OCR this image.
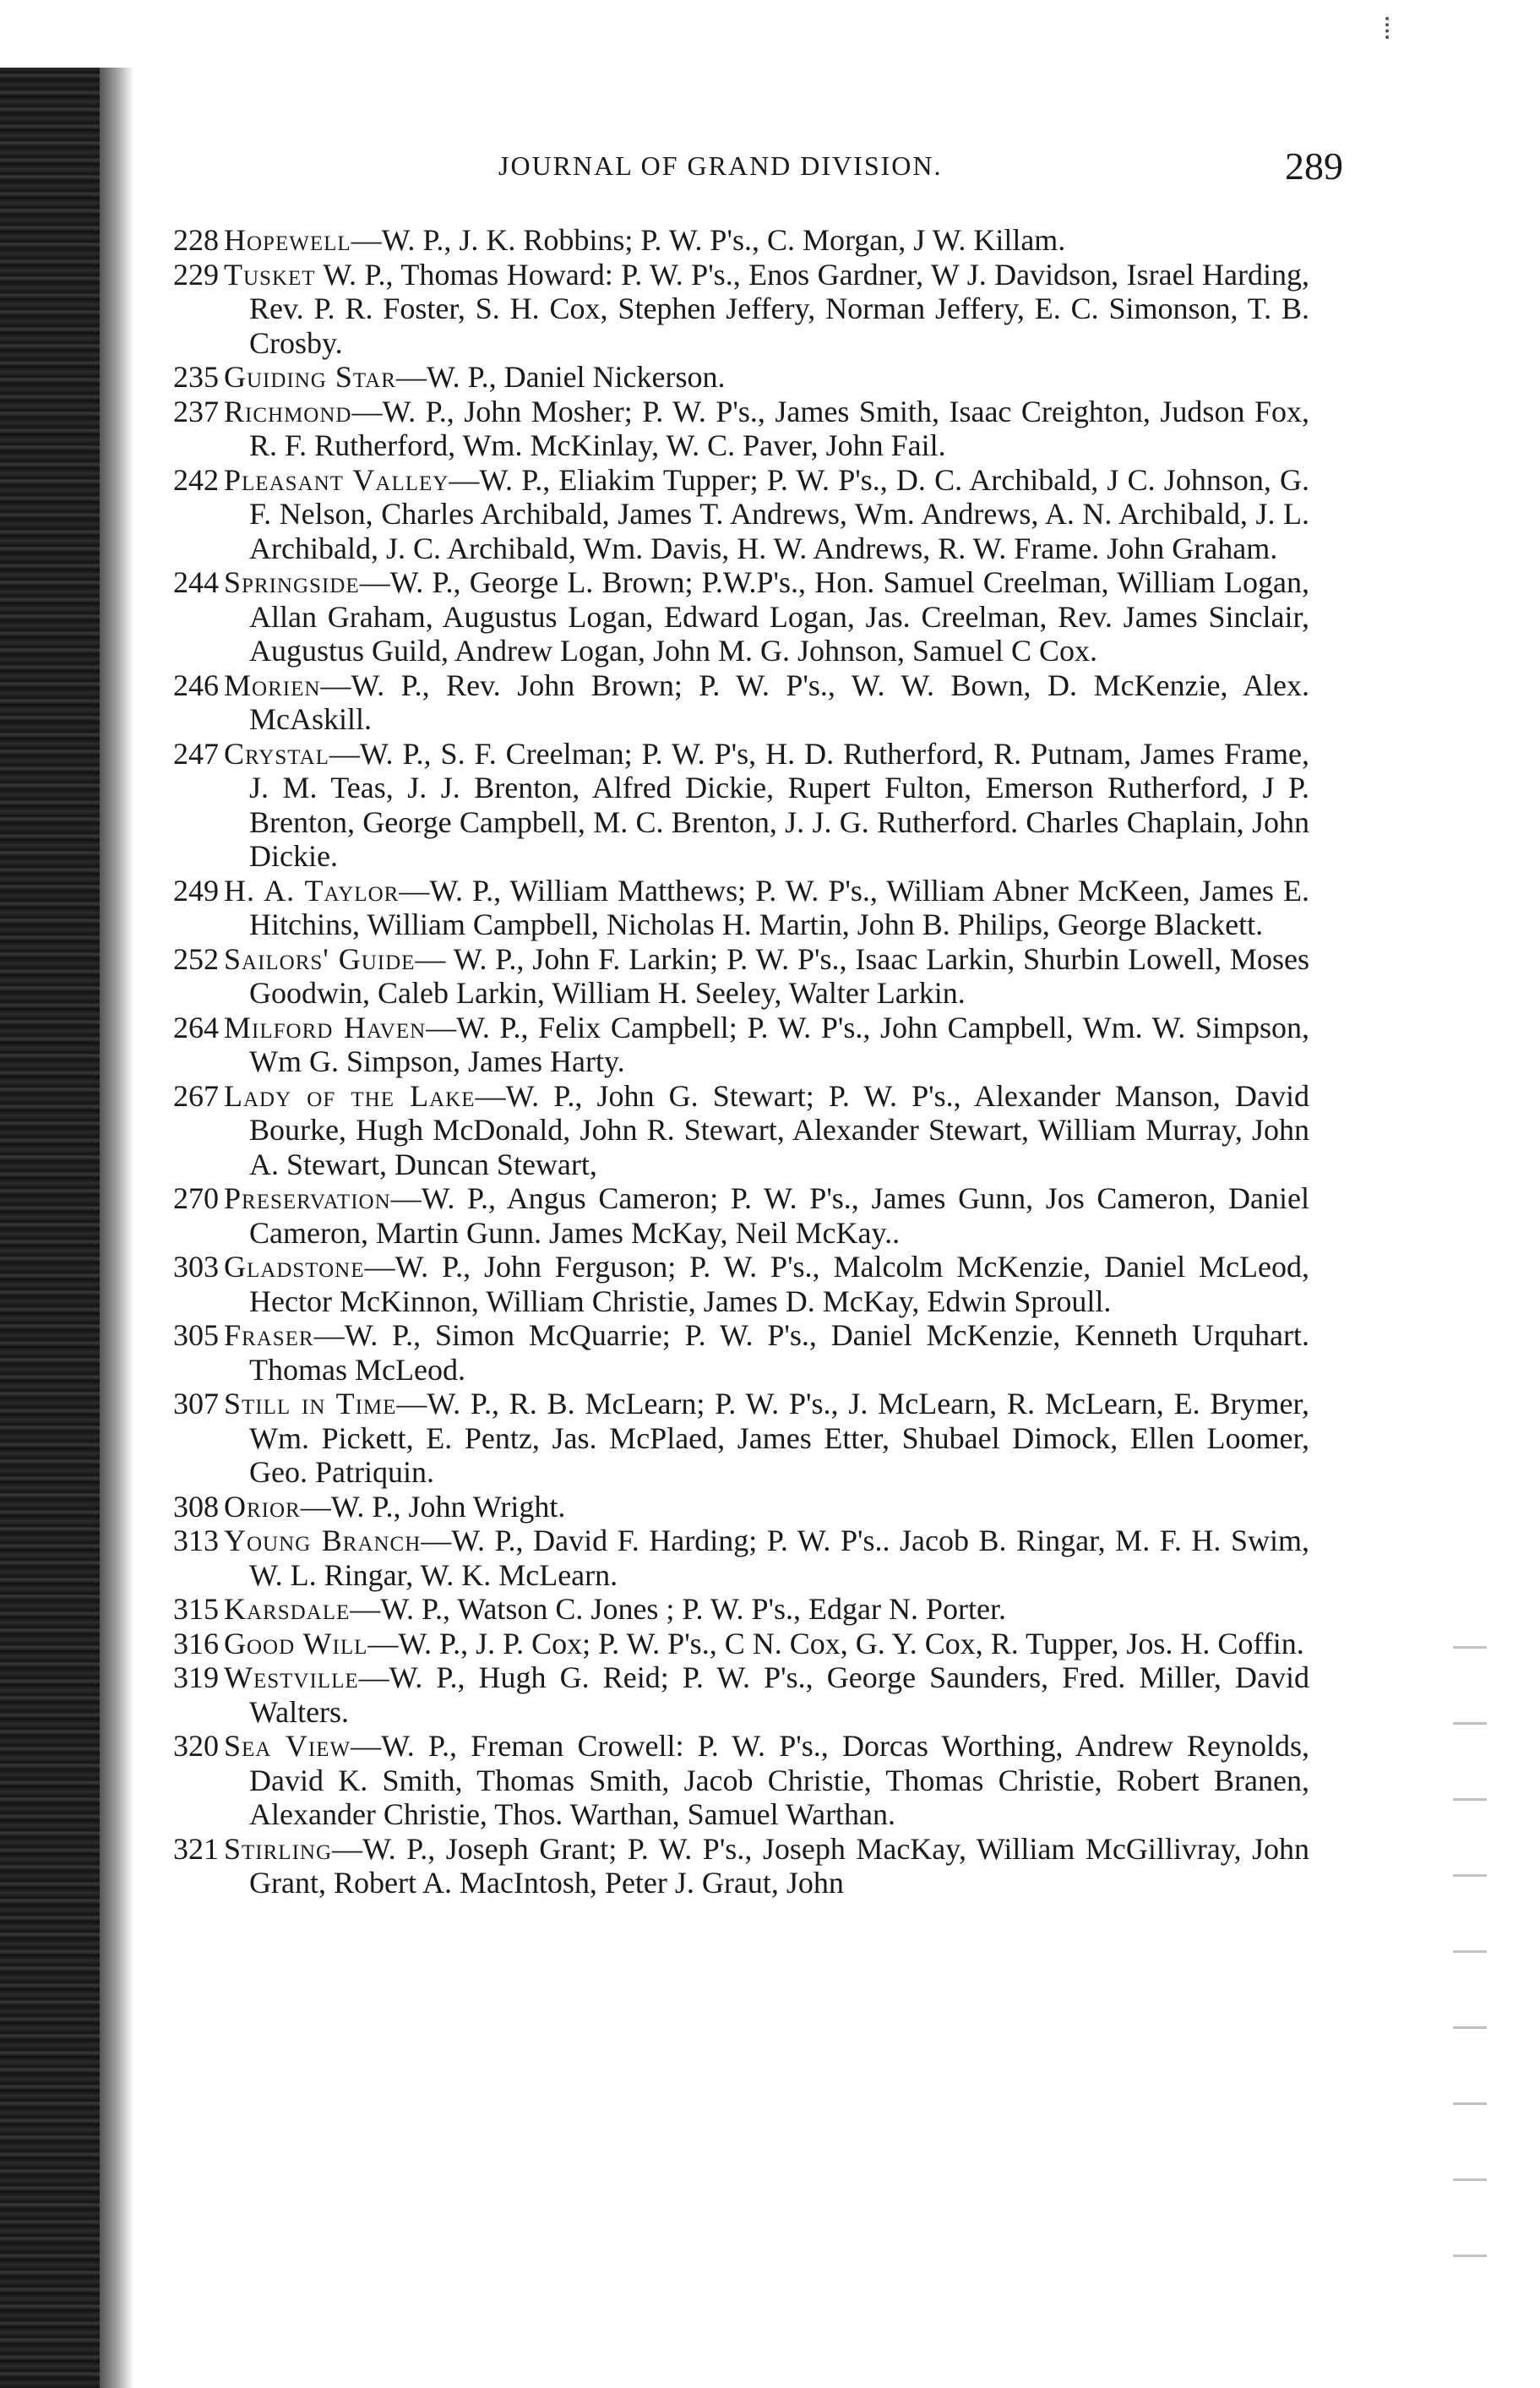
JOURNAL OF GRAND DIVISION.	289

228 Hopewell—W. P., J. K. Robbins; P. W. P's., C. Morgan, J W. Killam.

229 Tusket W. P., Thomas Howard: P. W. P's., Enos Gardner, W J. Davidson, Israel Harding, Rev. P. R. Foster, S. H. Cox, Stephen Jeffery, Norman Jeffery, E. C. Simonson, T. B. Crosby.

235 Guiding Star—W. P., Daniel Nickerson.

237 Richmond—W. P., John Mosher; P. W. P's., James Smith, Isaac Creighton, Judson Fox, R. F. Rutherford, Wm. McKinlay, W. C. Paver, John Fail.

242 Pleasant Valley—W. P., Eliakim Tupper; P. W. P's., D. C. Archibald, J C. Johnson, G. F. Nelson, Charles Archibald, James T. Andrews, Wm. Andrews, A. N. Archibald, J. L. Archibald, J. C. Archibald, Wm. Davis, H. W. Andrews, R. W. Frame. John Graham.

244 Springside—W. P., George L. Brown; P.W.P's., Hon. Samuel Creelman, William Logan, Allan Graham, Augustus Logan, Edward Logan, Jas. Creelman, Rev. James Sinclair, Augustus Guild, Andrew Logan, John M. G. Johnson, Samuel C Cox.

246 Morien—W. P., Rev. John Brown; P. W. P's., W. W. Bown, D. McKenzie, Alex. McAskill.

247 Crystal—W. P., S. F. Creelman; P. W. P's, H. D. Rutherford, R. Putnam, James Frame, J. M. Teas, J. J. Brenton, Alfred Dickie, Rupert Fulton, Emerson Rutherford, J P. Brenton, George Campbell, M. C. Brenton, J. J. G. Rutherford. Charles Chaplain, John Dickie.

249 H. A. Taylor—W. P., William Matthews; P. W. P's., William Abner McKeen, James E. Hitchins, William Campbell, Nicholas H. Martin, John B. Philips, George Blackett.

252 Sailors' Guide— W. P., John F. Larkin; P. W. P's., Isaac Larkin, Shurbin Lowell, Moses Goodwin, Caleb Larkin, William H. Seeley, Walter Larkin.

264 Milford Haven—W. P., Felix Campbell; P. W. P's., John Campbell, Wm. W. Simpson, Wm G. Simpson, James Harty.

267 Lady of the Lake—W. P., John G. Stewart; P. W. P's., Alexander Manson, David Bourke, Hugh McDonald, John R. Stewart, Alexander Stewart, William Murray, John A. Stewart, Duncan Stewart,

270 Preservation—W. P., Angus Cameron; P. W. P's., James Gunn, Jos Cameron, Daniel Cameron, Martin Gunn. James McKay, Neil McKay..

303 Gladstone—W. P., John Ferguson; P. W. P's., Malcolm McKenzie, Daniel McLeod, Hector McKinnon, William Christie, James D. McKay, Edwin Sproull.

305 Fraser—W. P., Simon McQuarrie; P. W. P's., Daniel McKenzie, Kenneth Urquhart. Thomas McLeod.

307 Still in Time—W. P., R. B. McLearn; P. W. P's., J. McLearn, R. McLearn, E. Brymer, Wm. Pickett, E. Pentz, Jas. McPlaed, James Etter, Shubael Dimock, Ellen Loomer, Geo. Patriquin.

308 Orior—W. P., John Wright.

313 Young Branch—W. P., David F. Harding; P. W. P's.. Jacob B. Ringar, M. F. H. Swim, W. L. Ringar, W. K. McLearn.

315 Karsdale—W. P., Watson C. Jones ; P. W. P's., Edgar N. Porter.

316 Good Will—W. P., J. P. Cox; P. W. P's., C N. Cox, G. Y. Cox, R. Tupper, Jos. H. Coffin.

319 Westville—W. P., Hugh G. Reid; P. W. P's., George Saunders, Fred. Miller, David Walters.

320 Sea View—W. P., Freman Crowell: P. W. P's., Dorcas Worthing, Andrew Reynolds, David K. Smith, Thomas Smith, Jacob Christie, Thomas Christie, Robert Branen, Alexander Christie, Thos. Warthan, Samuel Warthan.

321 Stirling—W. P., Joseph Grant; P. W. P's., Joseph MacKay, William McGillivray, John Grant, Robert A. MacIntosh, Peter J. Graut, John
